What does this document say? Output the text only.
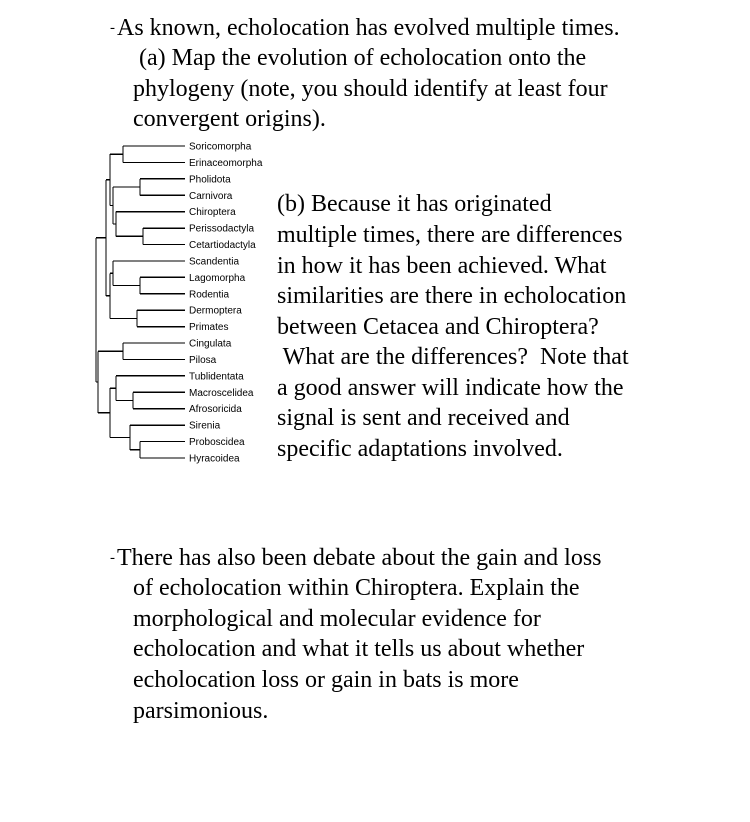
-As known, echolocation has evolved multiple times.
(a) Map the evolution of echolocation onto the
phylogeny (note, you should identify at least four
convergent origins).
Soricomorpha
Erinaceomorpha
Pholidota
Carnivora
Chiroptera
Perissodactyla
Cetartiodactyla
Scandentia
Lagomorpha
Rodentia
Dermoptera
Primates
Cingulata
Pilosa
Tublidentata
Macroscelidea
Afrosoricida
Sirenia
Proboscidea
Hyracoidea
(b) Because it has originated
multiple times, there are differences
in how it has been achieved. What
similarities are there in echolocation
between Cetacea and Chiroptera?
What are the differences?  Note that
a good answer will indicate how the
signal is sent and received and
specific adaptations involved.
-There has also been debate about the gain and loss
of echolocation within Chiroptera. Explain the
morphological and molecular evidence for
echolocation and what it tells us about whether
echolocation loss or gain in bats is more
parsimonious.
